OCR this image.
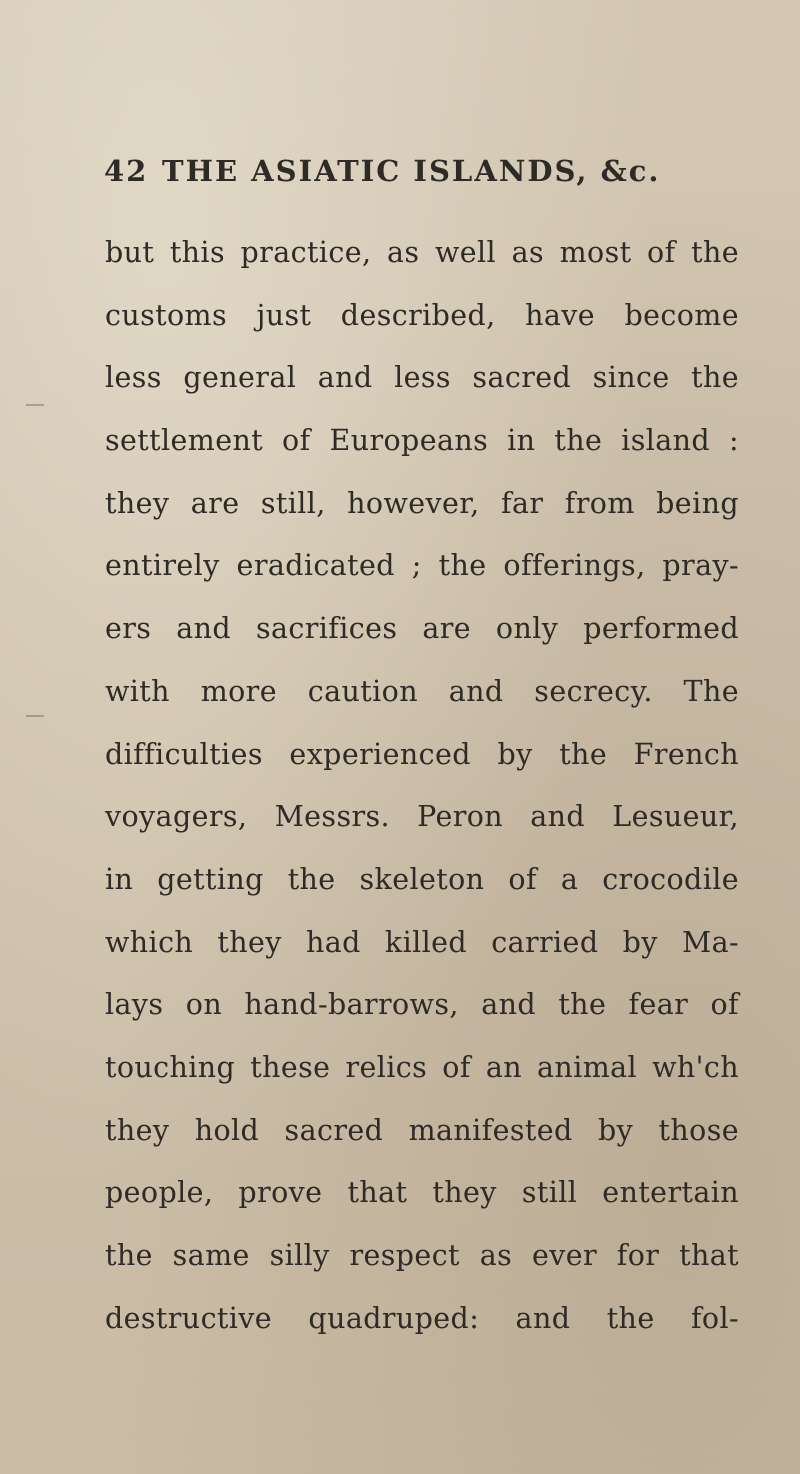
42 THE ASIATIC ISLANDS, &c.
but this practice, as well as most of the
customs just described, have become
less general and less sacred since the
settlement of Europeans in the island :
they are still, however, far from being
entirely eradicated ; the offerings, pray-
ers and sacrifices are only performed
with more caution and secrecy. The
difficulties experienced by the French
voyagers, Messrs. Peron and Lesueur,
in getting the skeleton of a crocodile
which they had killed carried by Ma-
lays on hand-barrows, and the fear of
touching these relics of an animal wh'ch
they hold sacred manifested by those
people, prove that they still entertain
the same silly respect as ever for that
destructive quadruped: and the fol-
